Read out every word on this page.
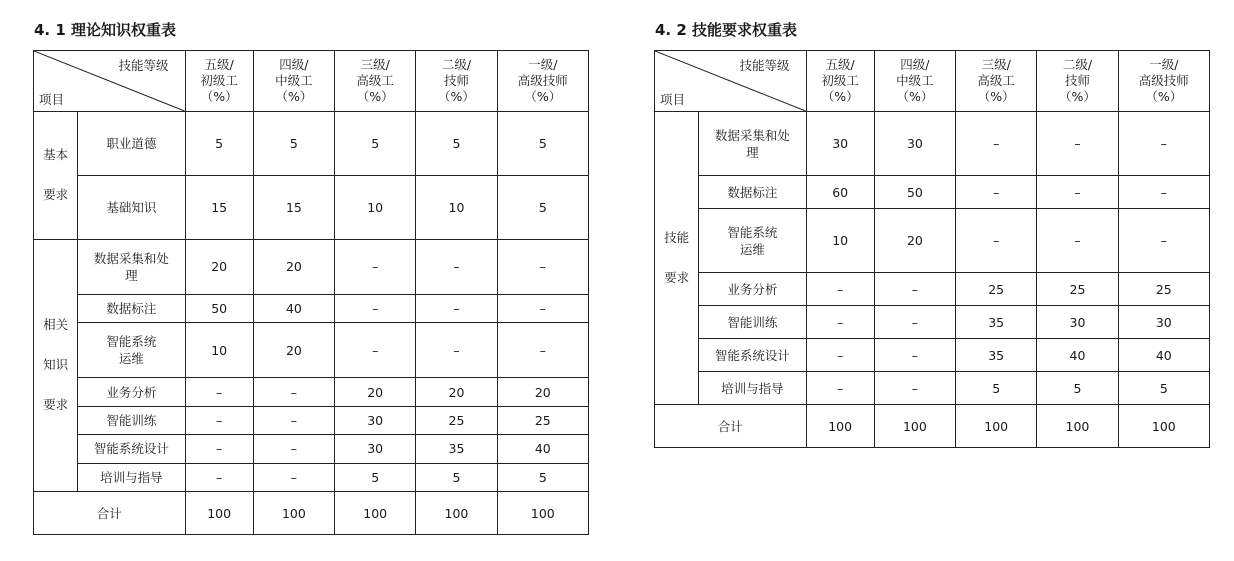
4. 1 理论知识权重表
技能等级
项目		五级/
初级工
（%）	四级/
中级工
（%）	三级/
高级工
（%）	二级/
技师
（%）	一级/
高级技师
（%）

基本
要求	职业道德	5	5	5	5	5
	基础知识	15	15	10	10	5

相关
知识
要求	数据采集和处
理	20	20	–	–	–
	数据标注	50	40	–	–	–

	智能系统
运维	10	20	–	–	–
	业务分析	–	–	20	20	20
	智能训练	–	–	30	25	25
	智能系统设计	–	–	30	35	40
	培训与指导	–	–	5	5	5
合计		100	100	100	100	100
4. 2 技能要求权重表
技能等级
项目		五级/
初级工
（%）	四级/
中级工
（%）	三级/
高级工
（%）	二级/
技师
（%）	一级/
高级技师
（%）

技能
要求	数据采集和处
理	30	30	–	–	–
	数据标注	60	50	–	–	–

	智能系统
运维	10	20	–	–	–
	业务分析	–	–	25	25	25
	智能训练	–	–	35	30	30
	智能系统设计	–	–	35	40	40
	培训与指导	–	–	5	5	5
合计		100	100	100	100	100
